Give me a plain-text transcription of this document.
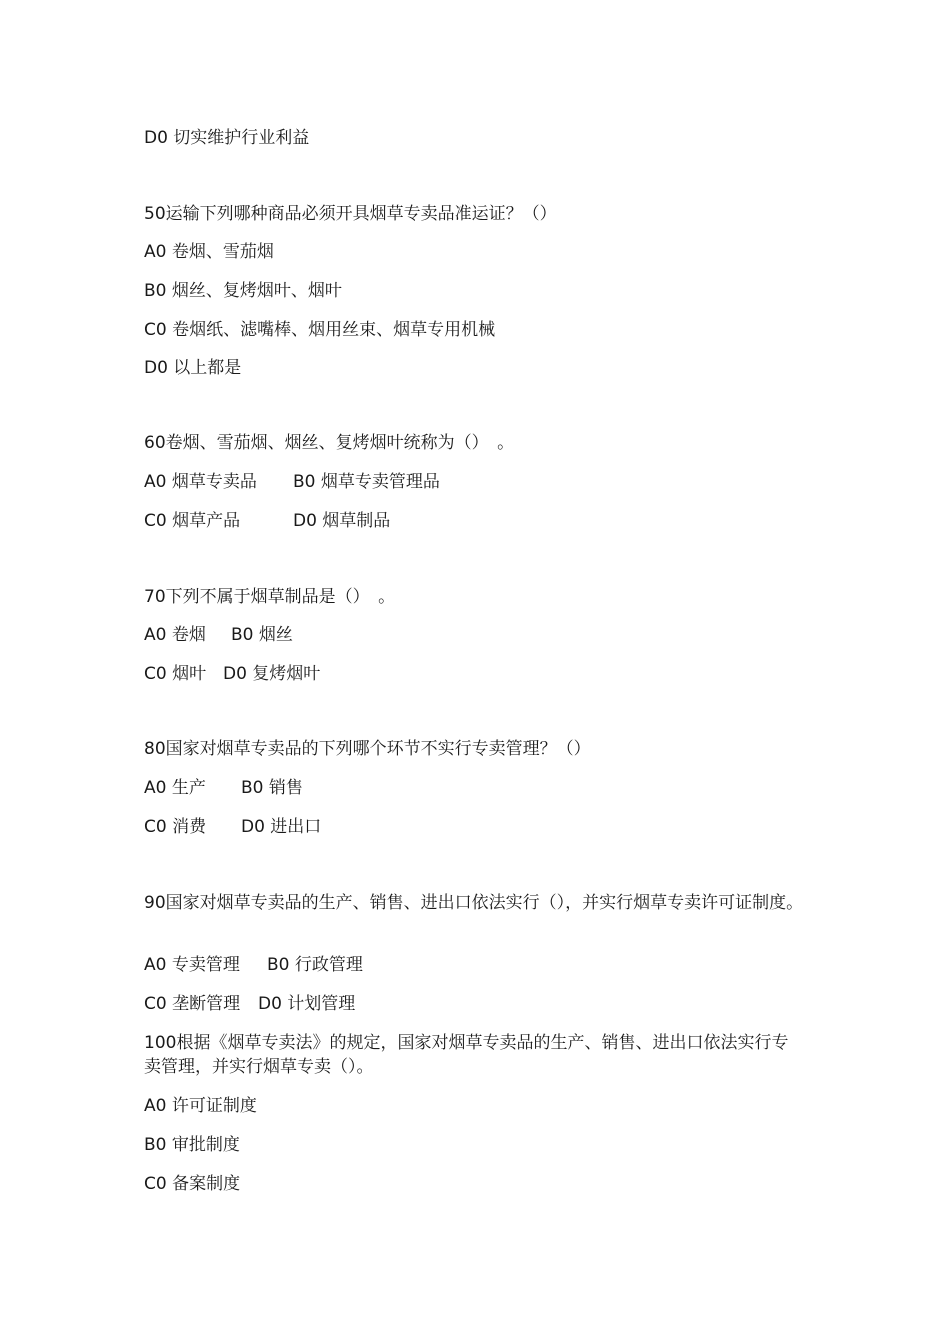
D0 切实维护行业利益
50运输下列哪种商品必须开具烟草专卖品准运证？（）
A0 卷烟、雪茄烟
B0 烟丝、复烤烟叶、烟叶
C0 卷烟纸、滤嘴棒、烟用丝束、烟草专用机械
D0 以上都是
60卷烟、雪茄烟、烟丝、复烤烟叶统称为（）　。
A0 烟草专卖品 B0 烟草专卖管理品
C0 烟草产品	D0 烟草制品
70下列不属于烟草制品是（）　。
A0 卷烟 B0 烟丝
C0 烟叶 D0 复烤烟叶
80国家对烟草专卖品的下列哪个环节不实行专卖管理？（）
A0 生产 B0 销售
C0 消费 D0 进出口
90国家对烟草专卖品的生产、销售、进出口依法实行（），并实行烟草专卖许可证制度。
A0 专卖管理 B0 行政管理
C0 垄断管理 D0 计划管理
100根据《烟草专卖法》的规定，国家对烟草专卖品的生产、销售、进出口依法实行专卖管理，并实行烟草专卖（）。
A0 许可证制度
B0 审批制度
C0 备案制度
